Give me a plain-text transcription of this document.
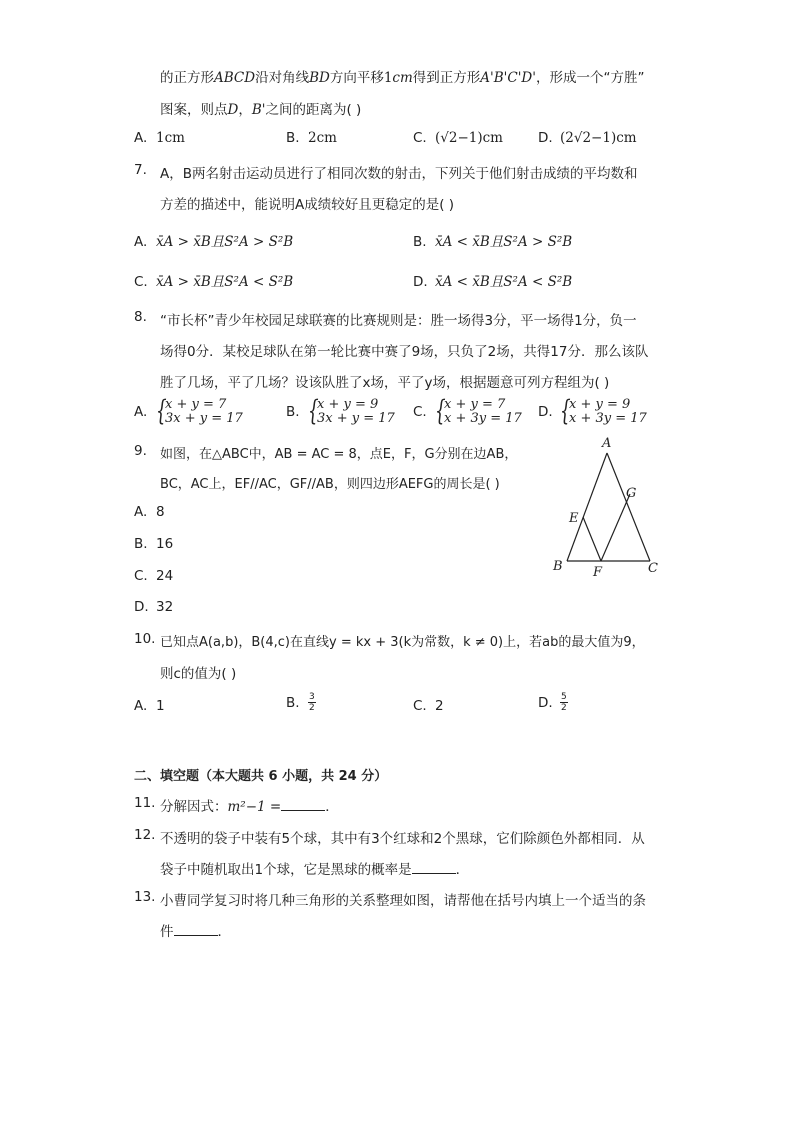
的正方形ABCD沿对角线BD方向平移1cm得到正方形A'B'C'D'，形成一个“方胜”
图案，则点D，B'之间的距离为( )
A. 1cm	B. 2cm	C. (√2−1)cm	D. (2√2−1)cm
7. A，B两名射击运动员进行了相同次数的射击，下列关于他们射击成绩的平均数和
方差的描述中，能说明A成绩较好且更稳定的是( )
A. x̄A > x̄B且S²A > S²B	B. x̄A < x̄B且S²A > S²B
C. x̄A > x̄B且S²A < S²B	D. x̄A < x̄B且S²A < S²B
8. “市长杯”青少年校园足球联赛的比赛规则是：胜一场得3分，平一场得1分，负一
场得0分．某校足球队在第一轮比赛中赛了9场，只负了2场，共得17分．那么该队
胜了几场，平了几场？设该队胜了x场，平了y场，根据题意可列方程组为( )
A. {
x + y = 7
3x + y = 17	B. {
x + y = 9
3x + y = 17 C. {
x + y = 7
x + 3y = 17 D. {
x + y = 9
x + 3y = 17
9. 如图，在△ABC中，AB = AC = 8，点E，F，G分别在边AB，
BC，AC上，EF//AC，GF//AB，则四边形AEFG的周长是( )
A. 8
B. 16
C. 24
D. 32
A
B	C
E
F
G
10. 已知点A(a,b)，B(4,c)在直线y = kx + 3(k为常数，k ≠ 0)上，若ab的最大值为9，
则c的值为( )
A. 1	B. $\frac{3}{2}$	C. 2	D. $\frac{5}{2}$
二、填空题（本大题共 6 小题，共 24 分）
11. 分解因式：m²−1 =	．
12. 不透明的袋子中装有5个球，其中有3个红球和2个黑球，它们除颜色外都相同．从
袋子中随机取出1个球，它是黑球的概率是	．
13. 小曹同学复习时将几种三角形的关系整理如图，请帮他在括号内填上一个适当的条
件	．
